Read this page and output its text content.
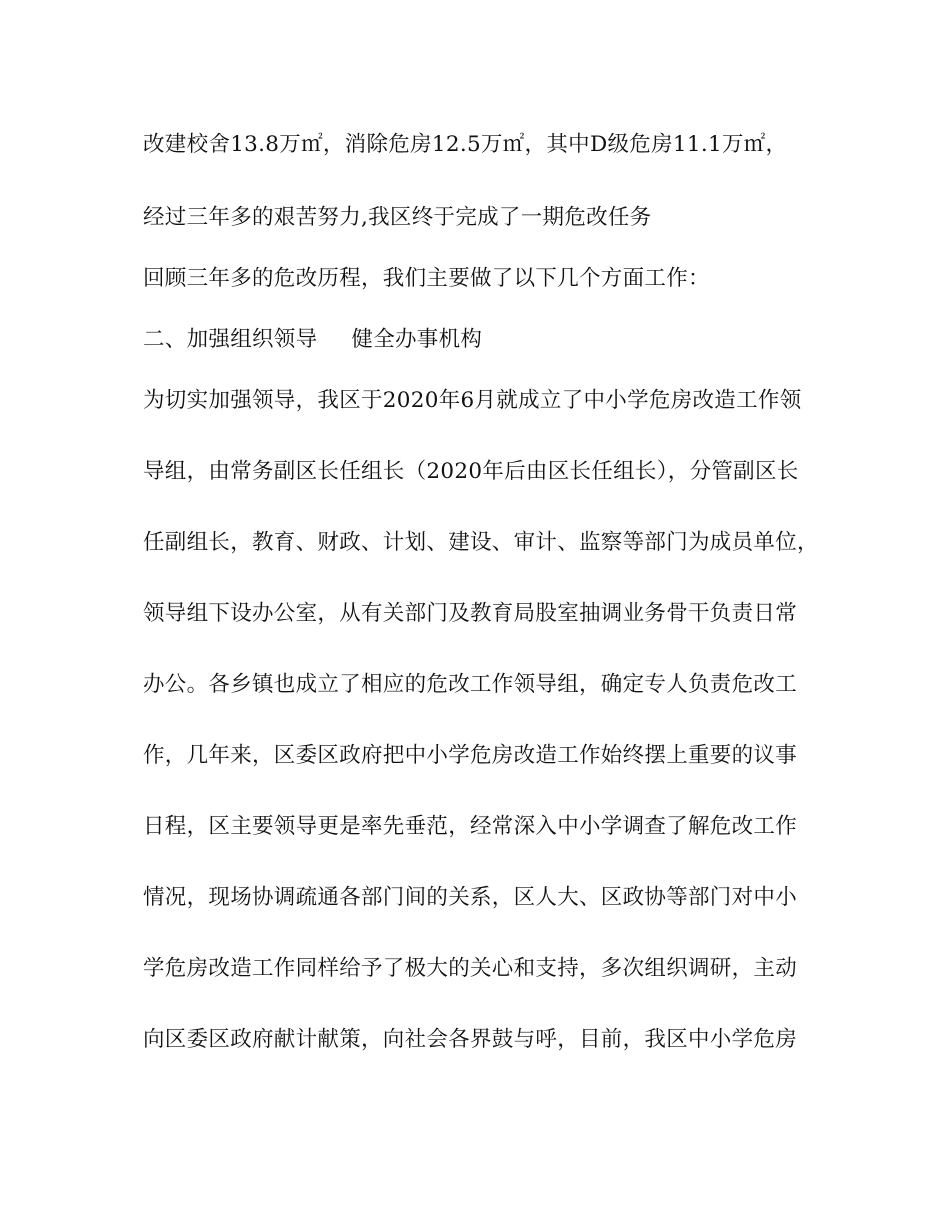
改建校舍13.8万㎡，消除危房12.5万㎡，其中D级危房11.1万㎡，
经过三年多的艰苦努力,我区终于完成了一期危改任务
回顾三年多的危改历程，我们主要做了以下几个方面工作：
二、加强组织领导 健全办事机构
为切实加强领导，我区于2020年6月就成立了中小学危房改造工作领
导组，由常务副区长任组长（2020年后由区长任组长），分管副区长
任副组长，教育、财政、计划、建设、审计、监察等部门为成员单位，
领导组下设办公室，从有关部门及教育局股室抽调业务骨干负责日常
办公。各乡镇也成立了相应的危改工作领导组，确定专人负责危改工
作，几年来，区委区政府把中小学危房改造工作始终摆上重要的议事
日程，区主要领导更是率先垂范，经常深入中小学调查了解危改工作
情况，现场协调疏通各部门间的关系，区人大、区政协等部门对中小
学危房改造工作同样给予了极大的关心和支持，多次组织调研，主动
向区委区政府献计献策，向社会各界鼓与呼，目前，我区中小学危房
